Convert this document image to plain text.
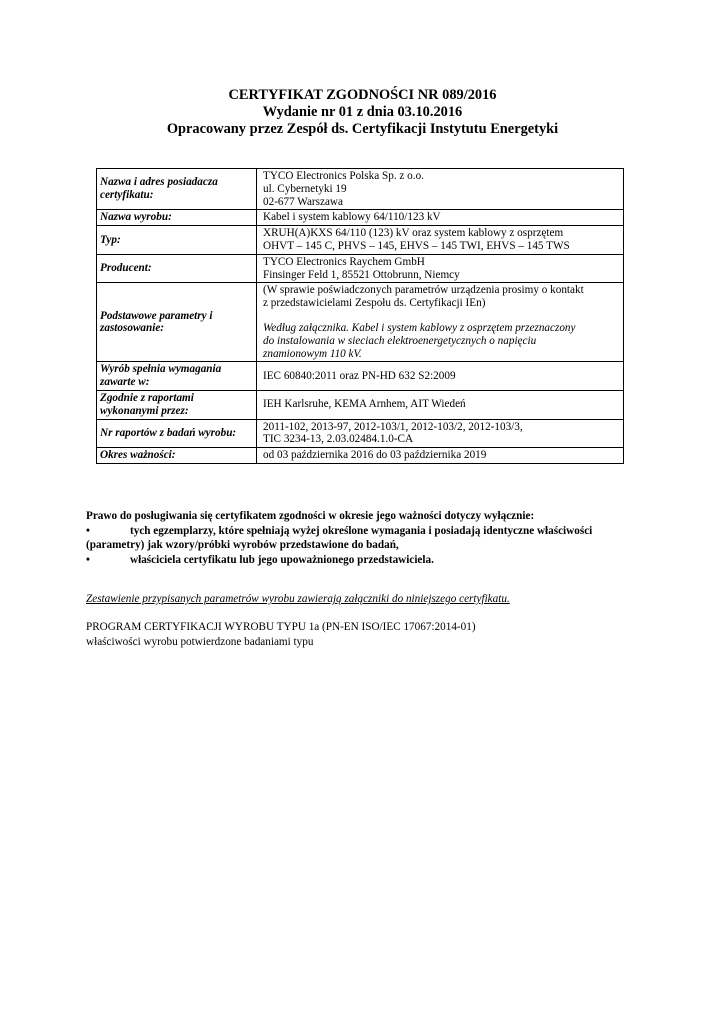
CERTYFIKAT ZGODNOŚCI NR 089/2016
Wydanie nr 01 z dnia 03.10.2016
Opracowany przez Zespół ds. Certyfikacji Instytutu Energetyki
Nazwa i adres posiadacza certyfikatu:	TYCO Electronics Polska Sp. z o.o.
ul. Cybernetyki 19
02-677 Warszawa

Nazwa wyrobu:	Kabel i system kablowy 64/110/123 kV
Typ:	XRUH(A)KXS 64/110 (123) kV oraz system kablowy z osprzętem
OHVT – 145 C, PHVS – 145, EHVS – 145 TWI, EHVS – 145 TWS

Producent:	TYCO Electronics Raychem GmbH
Finsinger Feld 1, 85521 Ottobrunn, Niemcy

Podstawowe parametry i zastosowanie:	(W sprawie poświadczonych parametrów urządzenia prosimy o kontakt
z przedstawicielami Zespołu ds. Certyfikacji IEn)
Według załącznika. Kabel i system kablowy z osprzętem przeznaczony
do instalowania w sieciach elektroenergetycznych o napięciu
znamionowym 110 kV.

Wyrób spełnia wymagania zawarte w:	IEC 60840:2011 oraz PN-HD 632 S2:2009
Zgodnie z raportami wykonanymi przez:	IEH Karlsruhe, KEMA Arnhem, AIT Wiedeń
Nr raportów z badań wyrobu:	2011-102, 2013-97, 2012-103/1, 2012-103/2, 2012-103/3,
TIC 3234-13, 2.03.02484.1.0-CA

Okres ważności:	od 03 października 2016 do 03 października 2019
Prawo do posługiwania się certyfikatem zgodności w okresie jego ważności dotyczy wyłącznie:
•	tych egzemplarzy, które spełniają wyżej określone wymagania i posiadają identyczne właściwości
(parametry) jak wzory/próbki wyrobów przedstawione do badań,
•	właściciela certyfikatu lub jego upoważnionego przedstawiciela.
Zestawienie przypisanych parametrów wyrobu zawierają załączniki do niniejszego certyfikatu.
PROGRAM CERTYFIKACJI WYROBU TYPU 1a (PN-EN ISO/IEC 17067:2014-01)
właściwości wyrobu potwierdzone badaniami typu
